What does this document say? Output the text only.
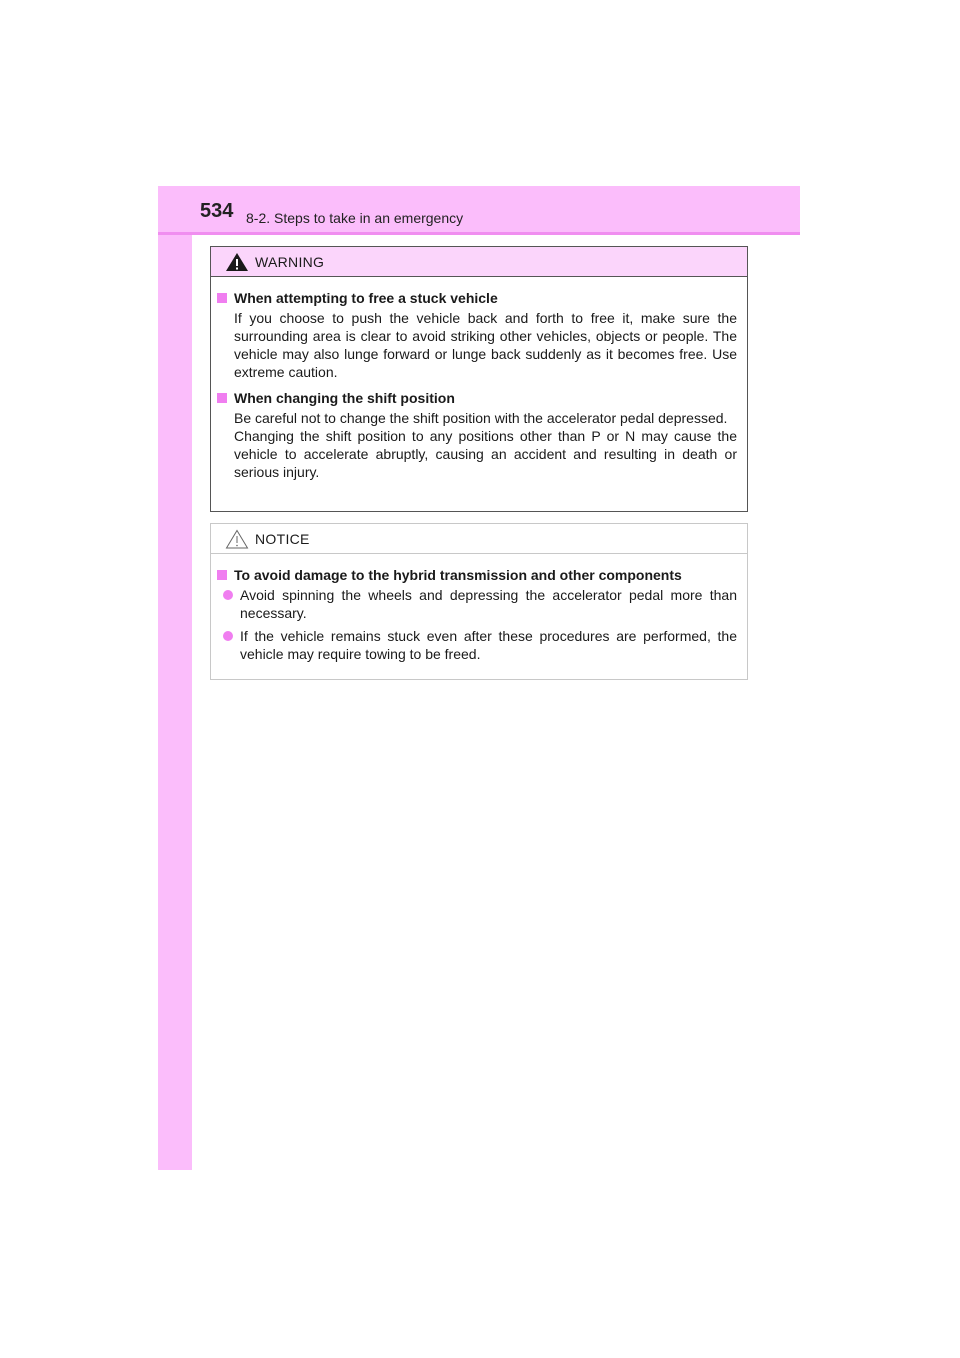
534 8-2. Steps to take in an emergency
WARNING
When attempting to free a stuck vehicle
If you choose to push the vehicle back and forth to free it, make sure the surrounding area is clear to avoid striking other vehicles, objects or people. The vehicle may also lunge forward or lunge back suddenly as it becomes free. Use extreme caution.
When changing the shift position
Be careful not to change the shift position with the accelerator pedal depressed.
Changing the shift position to any positions other than P or N may cause the vehicle to accelerate abruptly, causing an accident and resulting in death or serious injury.
NOTICE
To avoid damage to the hybrid transmission and other components
Avoid spinning the wheels and depressing the accelerator pedal more than necessary.
If the vehicle remains stuck even after these procedures are performed, the vehicle may require towing to be freed.
